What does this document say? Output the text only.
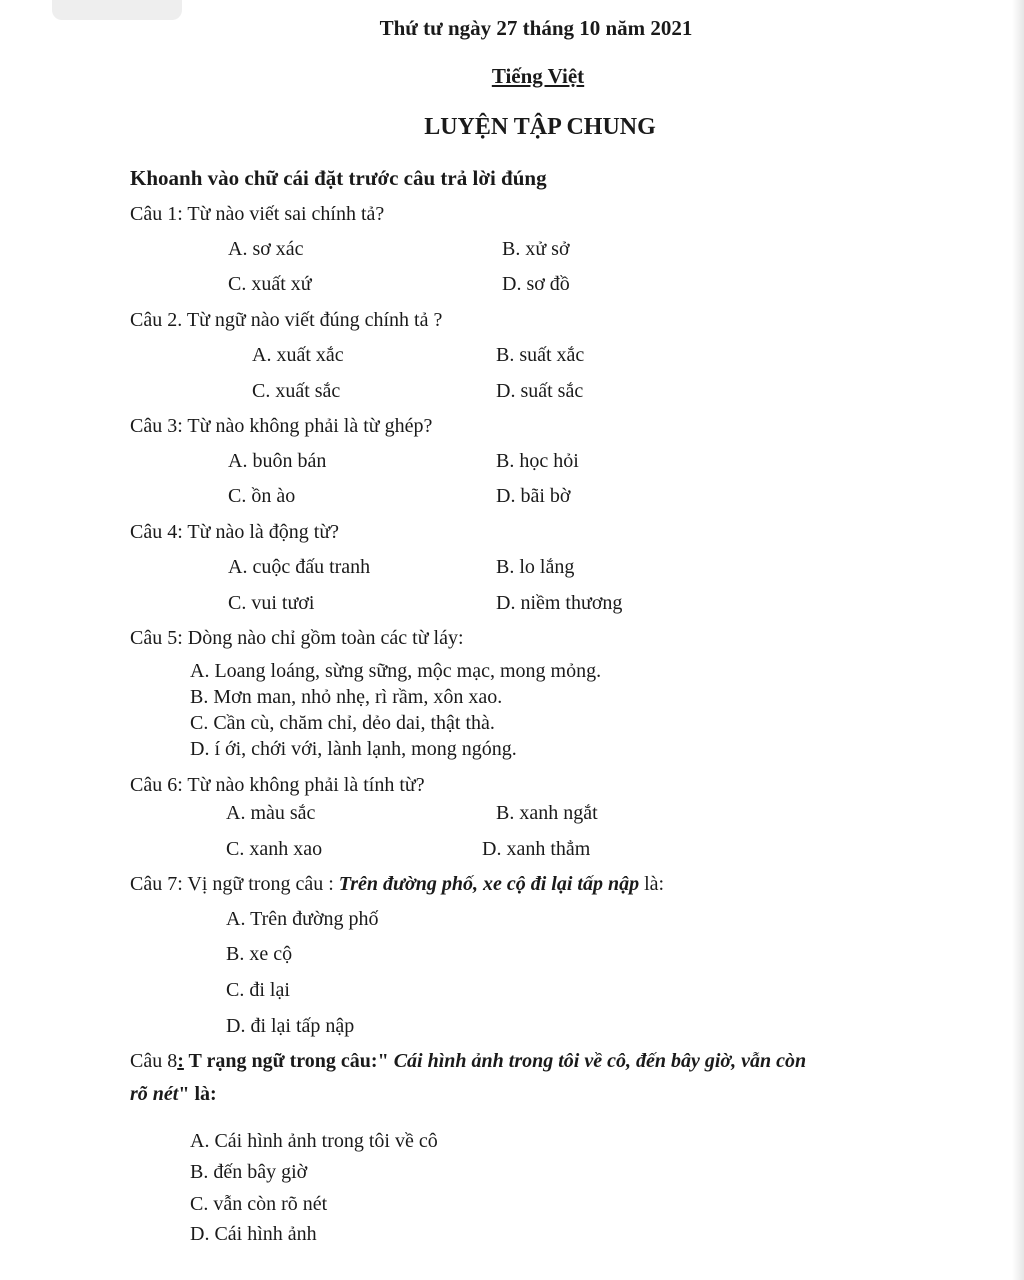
Thứ tư ngày 27 tháng 10 năm 2021
Tiếng Việt
LUYỆN TẬP CHUNG
Khoanh vào chữ cái đặt trước câu trả lời đúng
Câu 1: Từ nào viết sai chính tả?
A. sơ xác	B. xử sở
C. xuất xứ	D. sơ đồ
Câu 2. Từ ngữ nào viết đúng chính tả ?
A. xuất xắc	B. suất xắc
C. xuất sắc	D. suất sắc
Câu 3: Từ nào không phải là từ ghép?
A. buôn bán	B. học hỏi
C. ồn ào	D. bãi bờ
Câu 4: Từ nào là động từ?
A. cuộc đấu tranh	B. lo lắng
C. vui tươi	D. niềm thương
Câu 5: Dòng nào chỉ gồm toàn các từ láy:
A. Loang loáng, sừng sững, mộc mạc, mong mỏng.
B. Mơn man, nhỏ nhẹ, rì rầm, xôn xao.
C. Cần cù, chăm chỉ, dẻo dai, thật thà.
D. í ới, chới với, lành lạnh, mong ngóng.
Câu 6: Từ nào không phải là tính từ?
A. màu sắc	B. xanh ngắt
C. xanh xao	D. xanh thẳm
Câu 7: Vị ngữ trong câu : Trên đường phố, xe cộ đi lại tấp nập là:
A. Trên đường phố
B. xe cộ
C. đi lại
D. đi lại tấp nập
Câu 8: T rạng ngữ trong câu:" Cái hình ảnh trong tôi về cô, đến bây giờ, vẫn còn
rõ nét" là:
A. Cái hình ảnh trong tôi về cô
B. đến bây giờ
C. vẫn còn rõ nét
D. Cái hình ảnh
